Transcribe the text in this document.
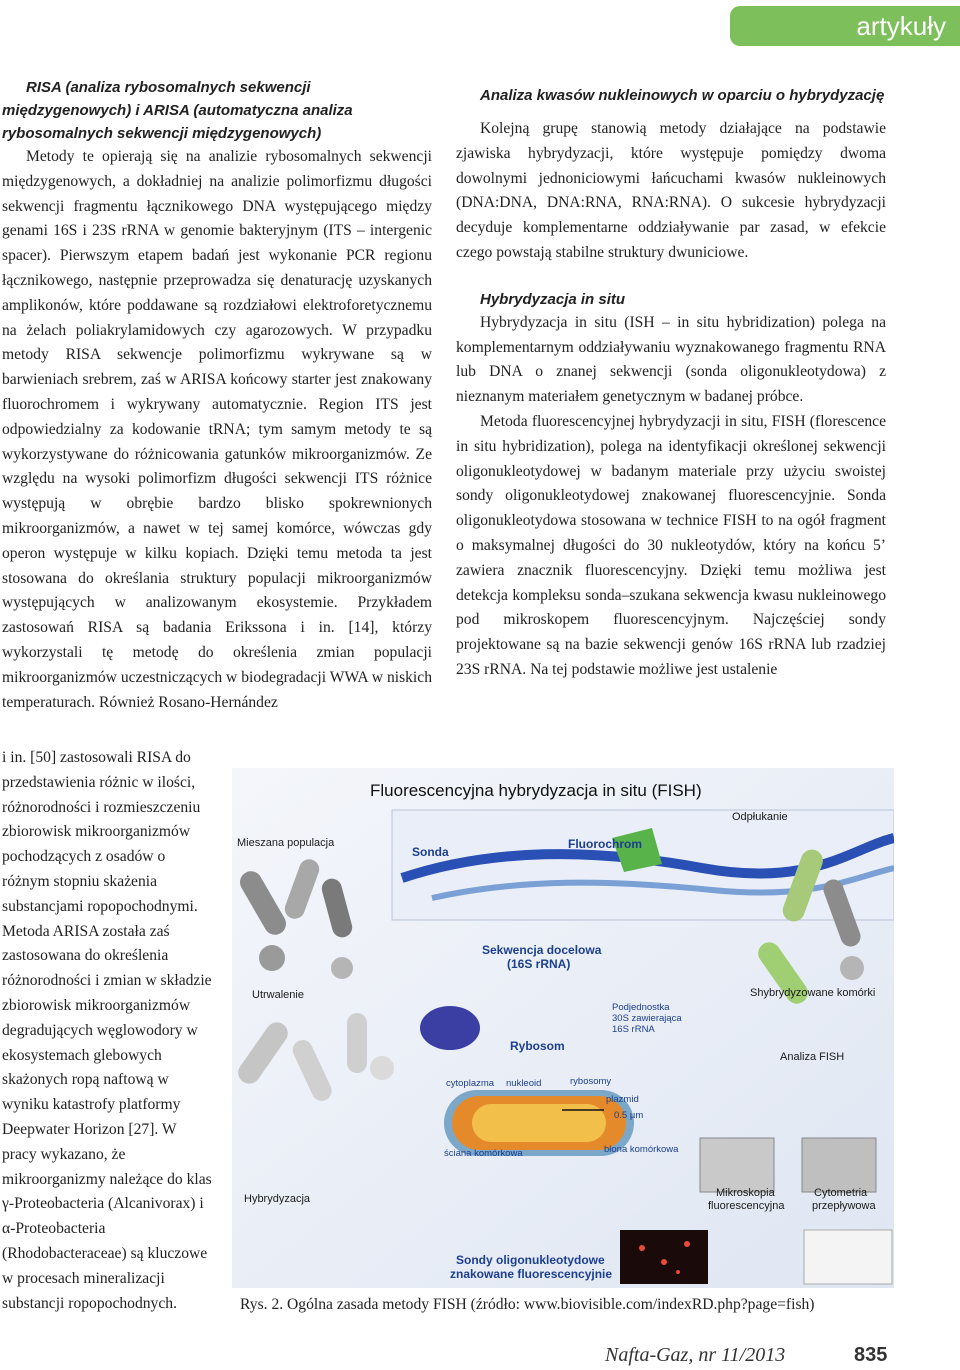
artykuły

RISA (analiza rybosomalnych sekwencji międzygenowych) i ARISA (automatyczna analiza rybosomalnych sekwencji międzygenowych)

Metody te opierają się na analizie rybosomalnych sekwencji międzygenowych, a dokładniej na analizie polimorfizmu długości sekwencji fragmentu łącznikowego DNA występującego między genami 16S i 23S rRNA w genomie bakteryjnym (ITS – intergenic spacer). Pierwszym etapem badań jest wykonanie PCR regionu łącznikowego, następnie przeprowadza się denaturację uzyskanych amplikonów, które poddawane są rozdziałowi elektroforetycznemu na żelach poliakrylamidowych czy agarozowych. W przypadku metody RISA sekwencje polimorfizmu wykrywane są w barwieniach srebrem, zaś w ARISA końcowy starter jest znakowany fluorochromem i wykrywany automatycznie. Region ITS jest odpowiedzialny za kodowanie tRNA; tym samym metody te są wykorzystywane do różnicowania gatunków mikroorganizmów. Ze względu na wysoki polimorfizm długości sekwencji ITS różnice występują w obrębie bardzo blisko spokrewnionych mikroorganizmów, a nawet w tej samej komórce, wówczas gdy operon występuje w kilku kopiach. Dzięki temu metoda ta jest stosowana do określania struktury populacji mikroorganizmów występujących w analizowanym ekosystemie. Przykładem zastosowań RISA są badania Erikssona i in. [14], którzy wykorzystali tę metodę do określenia zmian populacji mikroorganizmów uczestniczących w biodegradacji WWA w niskich temperaturach. Również Rosano-Hernández

i in. [50] zastosowali RISA do przedstawienia różnic w ilości, różnorodności i rozmieszczeniu zbiorowisk mikroorganizmów pochodzących z osadów o różnym stopniu skażenia substancjami ropopochodnymi. Metoda ARISA została zaś zastosowana do określenia różnorodności i zmian w składzie zbiorowisk mikroorganizmów degradujących węglowodory w ekosystemach glebowych skażonych ropą naftową w wyniku katastrofy platformy Deepwater Horizon [27]. W pracy wykazano, że mikroorganizmy należące do klas γ-Proteobacteria (Alcanivorax) i α-Proteobacteria (Rhodobacteraceae) są kluczowe w procesach mineralizacji substancji ropopochodnych.

Analiza kwasów nukleinowych w oparciu o hybrydyzację

Kolejną grupę stanowią metody działające na podstawie zjawiska hybrydyzacji, które występuje pomiędzy dwoma dowolnymi jednoniciowymi łańcuchami kwasów nukleinowych (DNA:DNA, DNA:RNA, RNA:RNA). O sukcesie hybrydyzacji decyduje komplementarne oddziaływanie par zasad, w efekcie czego powstają stabilne struktury dwuniciowe.

Hybrydyzacja in situ

Hybrydyzacja in situ (ISH – in situ hybridization) polega na komplementarnym oddziaływaniu wyznakowanego fragmentu RNA lub DNA o znanej sekwencji (sonda oligonukleotydowa) z nieznanym materiałem genetycznym w badanej próbce.

Metoda fluorescencyjnej hybrydyzacji in situ, FISH (florescence in situ hybridization), polega na identyfikacji określonej sekwencji oligonukleotydowej w badanym materiale przy użyciu swoistej sondy oligonukleotydowej znakowanej fluorescencyjnie. Sonda oligonukleotydowa stosowana w technice FISH to na ogół fragment o maksymalnej długości do 30 nukleotydów, który na końcu 5’ zawiera znacznik fluorescencyjny. Dzięki temu możliwa jest detekcja kompleksu sonda–szukana sekwencja kwasu nukleinowego pod mikroskopem fluorescencyjnym. Najczęściej sondy projektowane są na bazie sekwencji genów 16S rRNA lub rzadziej 23S rRNA. Na tej podstawie możliwe jest ustalenie

Fluorescencyjna hybrydyzacja in situ (FISH)
Mieszana populacja
Sonda
Fluorochrom
Odpłukanie
Sekwencja docelowa
(16S rRNA)
Utrwalenie	Shybrydyzowane komórki
Podjednostka
30S zawierająca
16S rRNA
Rybosom
Analiza FISH
cytoplazma nukleoid	rybosomy
plazmid
ściana komórkowa	błona komórkowa
Hybrydyzacja	Mikroskopia
fluorescencyjna
Cytometria
przepływowa
Sondy oligonukleotydowe
znakowane fluorescencyjnie
0.5 µm
Rys. 2. Ogólna zasada metody FISH (źródło: www.biovisible.com/indexRD.php?page=fish)
Nafta-Gaz, nr 11/2013	835
